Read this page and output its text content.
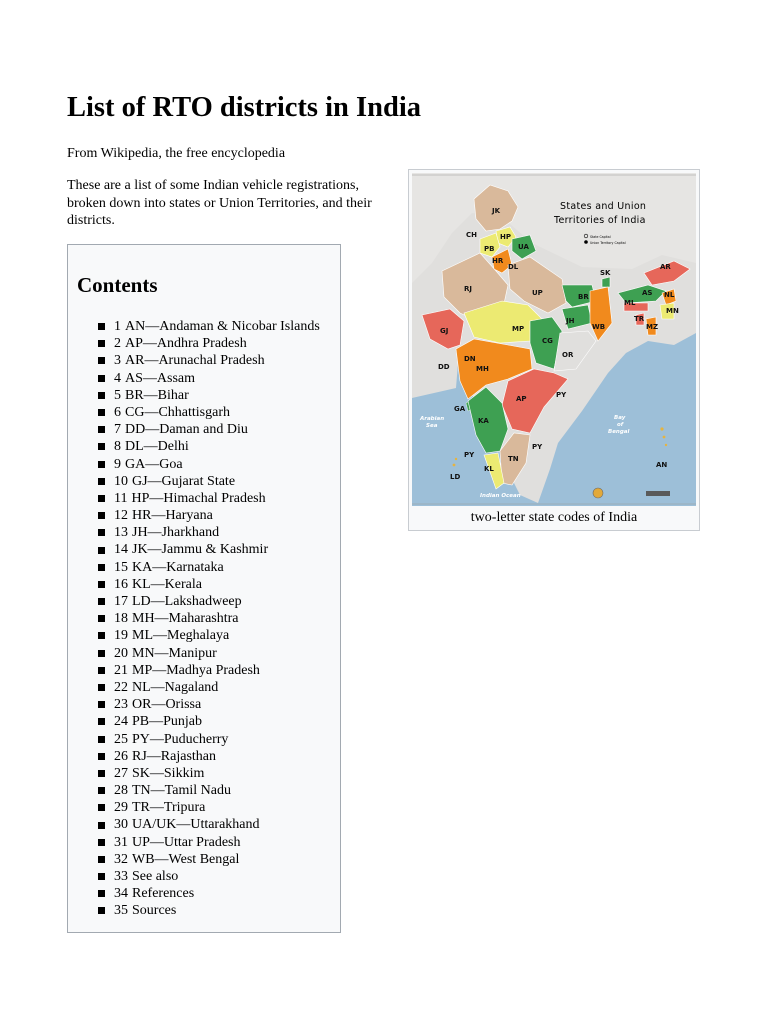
List of RTO districts in India
From Wikipedia, the free encyclopedia

These are a list of some Indian vehicle registrations, broken down into states or Union Territories, and their districts.

Contents
1 AN—Andaman & Nicobar Islands
2 AP—Andhra Pradesh
3 AR—Arunachal Pradesh
4 AS—Assam
5 BR—Bihar
6 CG—Chhattisgarh
7 DD—Daman and Diu
8 DL—Delhi
9 GA—Goa
10 GJ—Gujarat State
11 HP—Himachal Pradesh
12 HR—Haryana
13 JH—Jharkhand
14 JK—Jammu & Kashmir
15 KA—Karnataka
16 KL—Kerala
17 LD—Lakshadweep
18 MH—Maharashtra
19 ML—Meghalaya
20 MN—Manipur
21 MP—Madhya Pradesh
22 NL—Nagaland
23 OR—Orissa
24 PB—Punjab
25 PY—Puducherry
26 RJ—Rajasthan
27 SK—Sikkim
28 TN—Tamil Nadu
29 TR—Tripura
30 UA/UK—Uttarakhand
31 UP—Uttar Pradesh
32 WB—West Bengal
33 See also
34 References
35 Sources
States and Union
Territories of India
State Capital
Union Territory Capital
JK
CH	HP
PB	UA
HR
DL
RJ	UP
SK
AR
AS NL
ML
MN
TR
MZ
BR
JH
WB
GJ	MP
CG
OR
DD
DN
MH
GA
AP
KA
PY
PY
PY	TN
KL
LD
AN
Arabian
Sea
Bay
of
Bengal
Indian Ocean
two-letter state codes of India
